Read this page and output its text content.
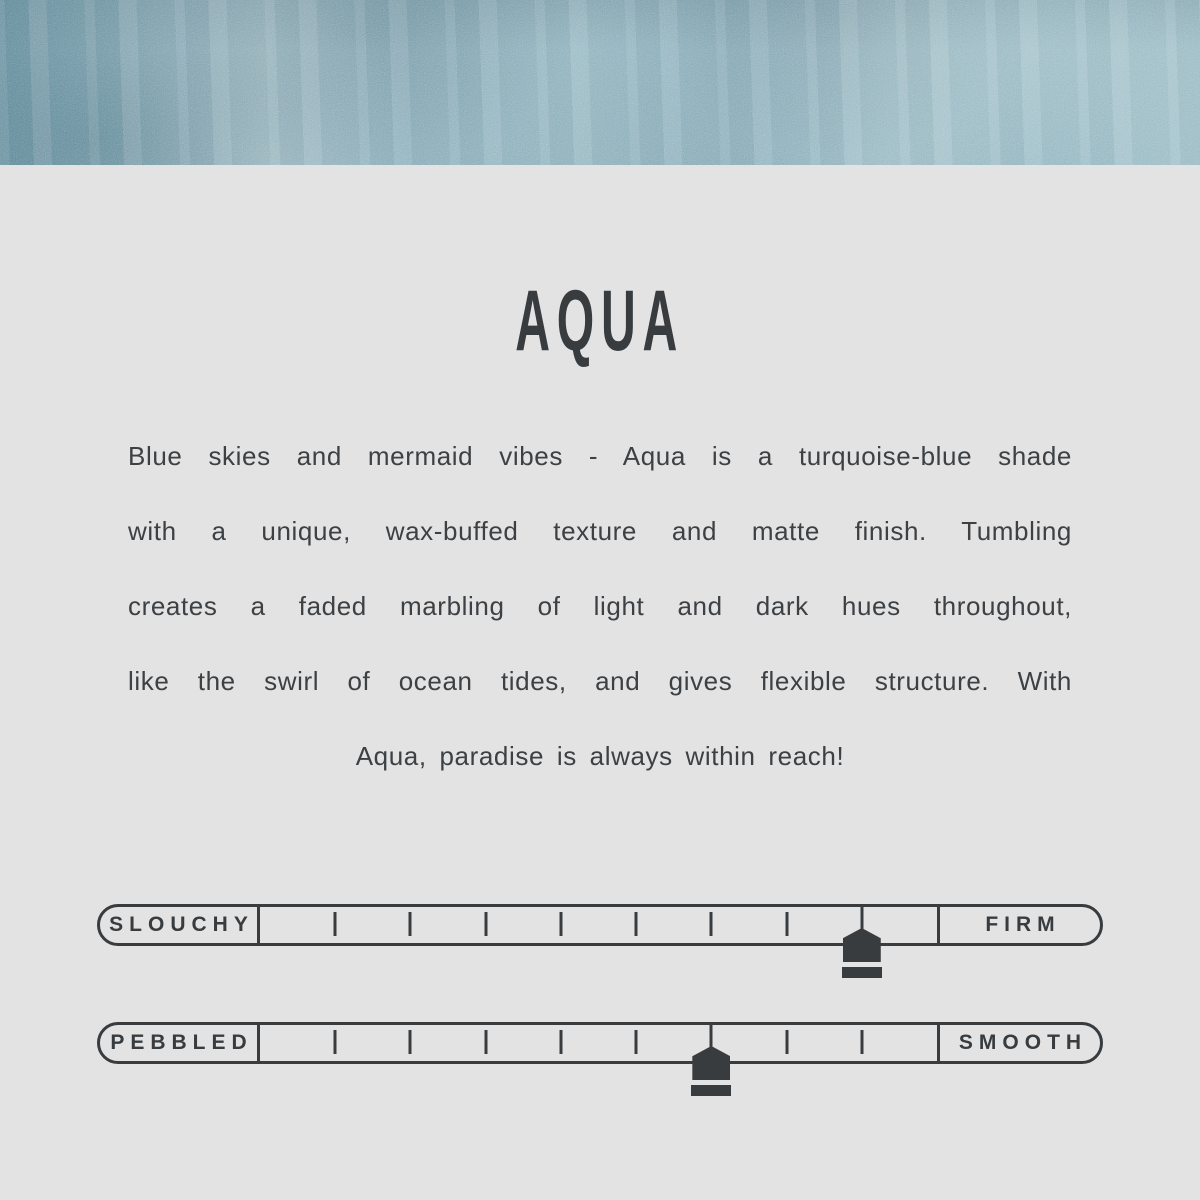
AQUA
Blue skies and mermaid vibes - Aqua is a turquoise-blue shade
with a unique, wax-buffed texture and matte finish. Tumbling
creates a faded marbling of light and dark hues throughout,
like the swirl of ocean tides, and gives flexible structure. With
Aqua, paradise is always within reach!
SLOUCHY	FIRM
PEBBLED	SMOOTH
